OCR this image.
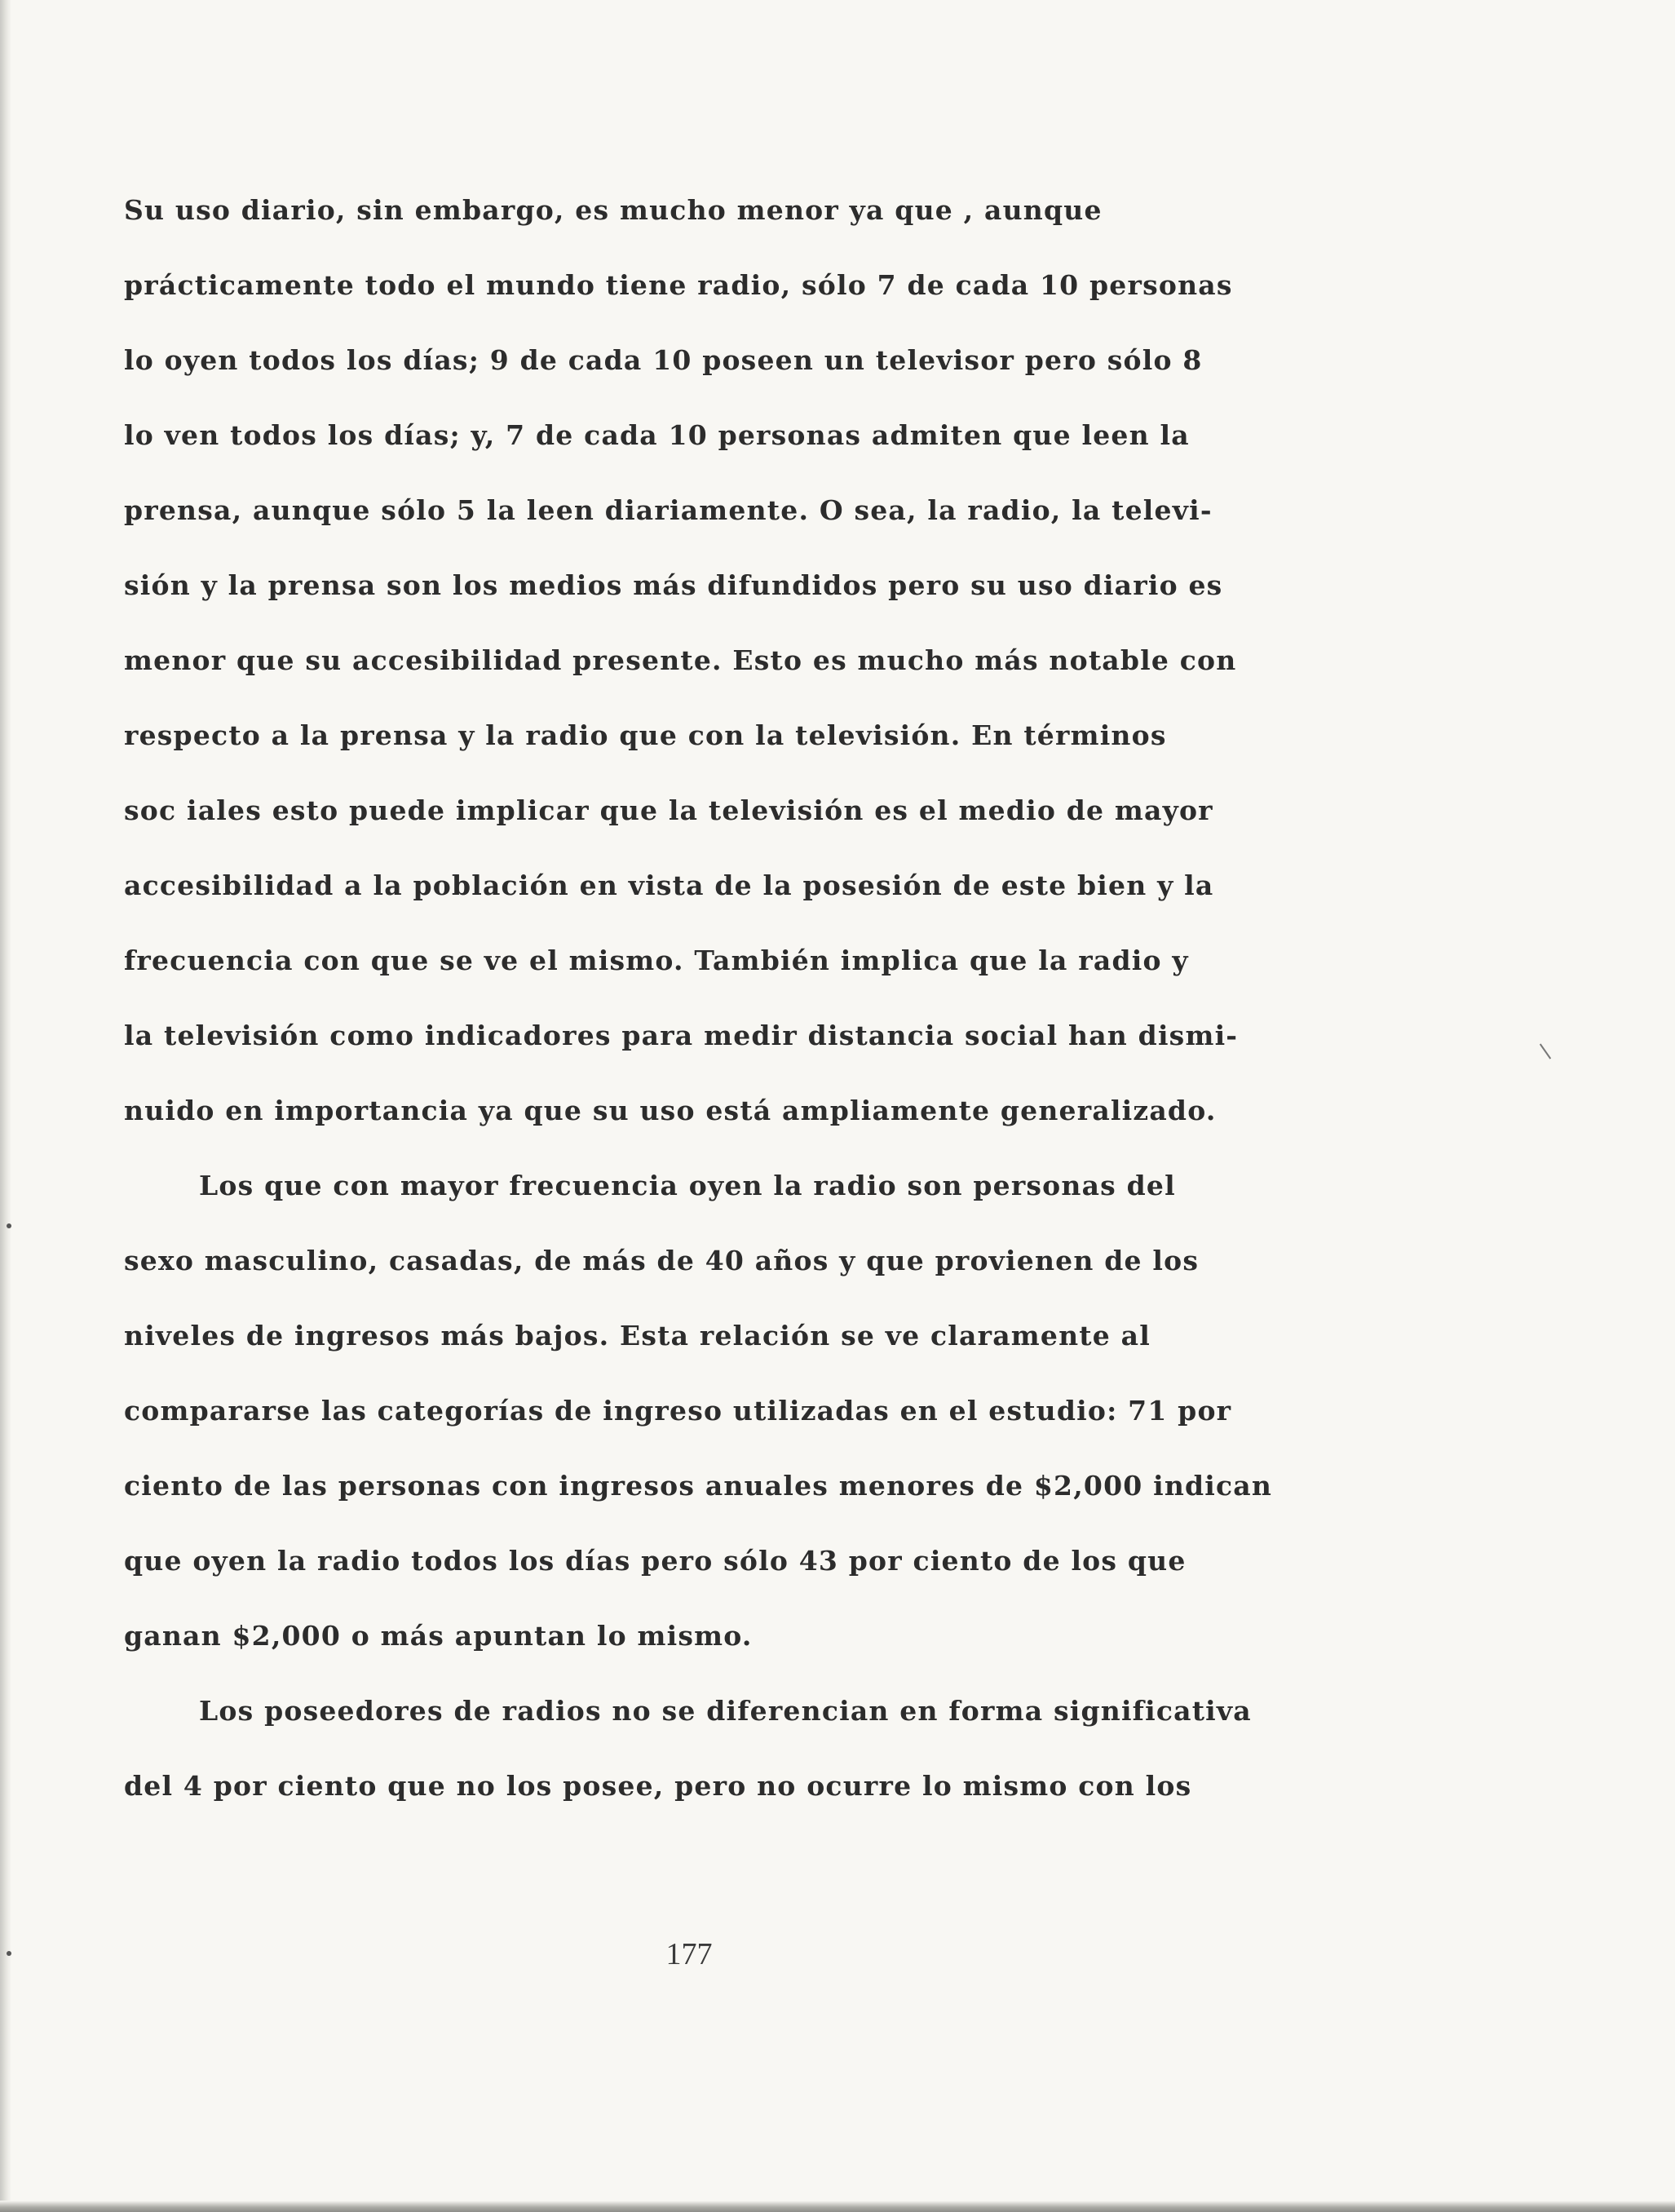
Su uso diario, sin embargo, es mucho menor ya que , aunque
prácticamente todo el mundo tiene radio, sólo 7 de cada 10 personas
lo oyen todos los días; 9 de cada 10 poseen un televisor pero sólo 8
lo ven todos los días; y, 7 de cada 10 personas admiten que leen la
prensa, aunque sólo 5 la leen diariamente. O sea, la radio, la televi-
sión y la prensa son los medios más difundidos pero su uso diario es
menor que su accesibilidad presente. Esto es mucho más notable con
respecto a la prensa y la radio que con la televisión. En términos
soc iales esto puede implicar que la televisión es el medio de mayor
accesibilidad a la población en vista de la posesión de este bien y la
frecuencia con que se ve el mismo. También implica que la radio y
la televisión como indicadores para medir distancia social han dismi-
nuido en importancia ya que su uso está ampliamente generalizado.
Los que con mayor frecuencia oyen la radio son personas del
sexo masculino, casadas, de más de 40 años y que provienen de los
niveles de ingresos más bajos. Esta relación se ve claramente al
compararse las categorías de ingreso utilizadas en el estudio: 71 por
ciento de las personas con ingresos anuales menores de $2,000 indican
que oyen la radio todos los días pero sólo 43 por ciento de los que
ganan $2,000 o más apuntan lo mismo.
Los poseedores de radios no se diferencian en forma significativa
del 4 por ciento que no los posee, pero no ocurre lo mismo con los
177
